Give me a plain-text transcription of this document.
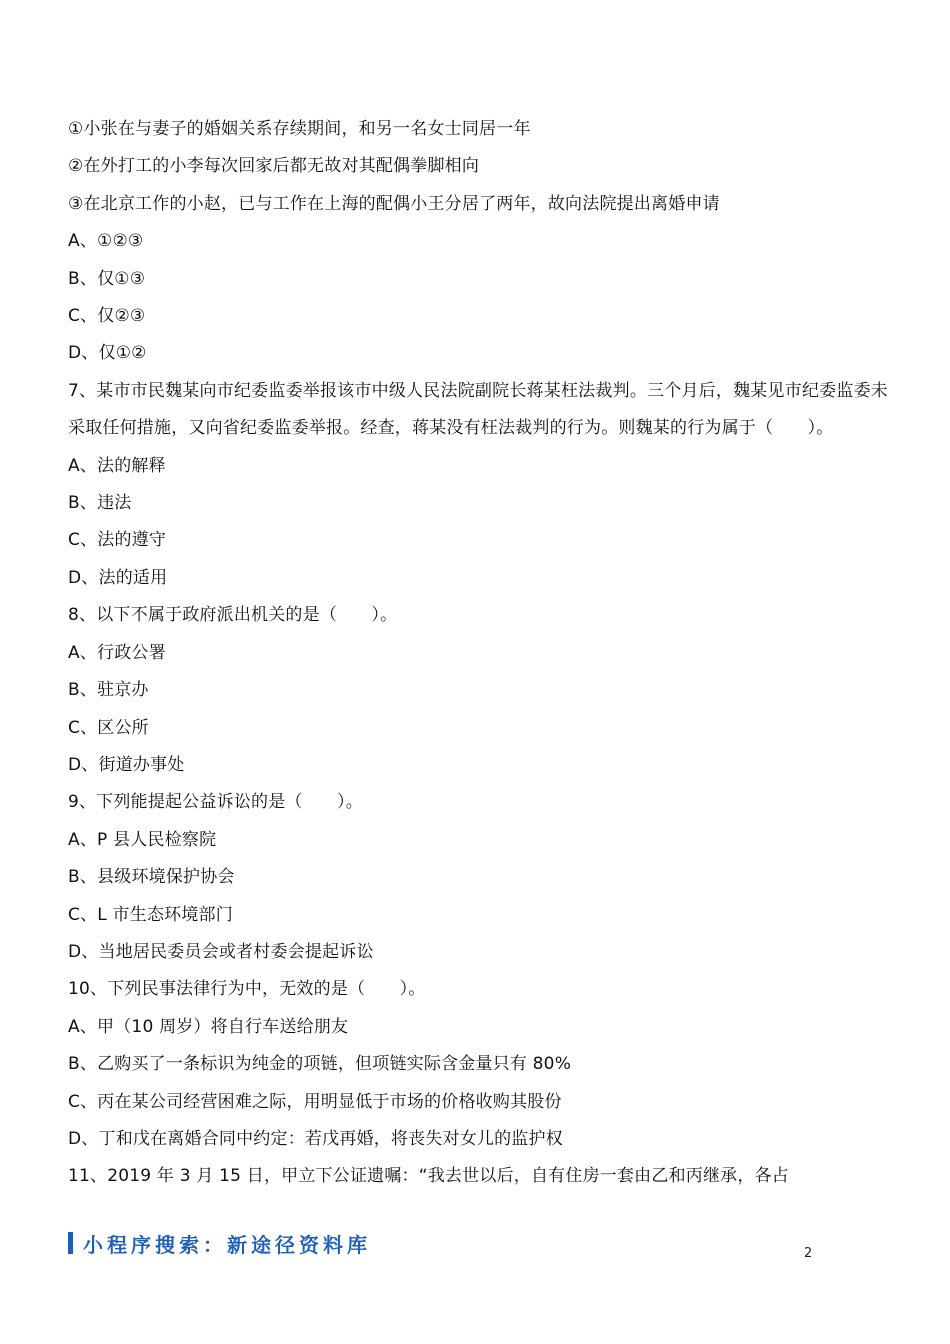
①小张在与妻子的婚姻关系存续期间，和另一名女士同居一年
②在外打工的小李每次回家后都无故对其配偶拳脚相向
③在北京工作的小赵，已与工作在上海的配偶小王分居了两年，故向法院提出离婚申请
A、①②③
B、仅①③
C、仅②③
D、仅①②
7、某市市民魏某向市纪委监委举报该市中级人民法院副院长蒋某枉法裁判。三个月后，魏某见市纪委监委未采取任何措施，又向省纪委监委举报。经查，蒋某没有枉法裁判的行为。则魏某的行为属于（　　）。
A、法的解释
B、违法
C、法的遵守
D、法的适用
8、以下不属于政府派出机关的是（　　）。
A、行政公署
B、驻京办
C、区公所
D、街道办事处
9、下列能提起公益诉讼的是（　　）。
A、P 县人民检察院
B、县级环境保护协会
C、L 市生态环境部门
D、当地居民委员会或者村委会提起诉讼
10、下列民事法律行为中，无效的是（　　）。
A、甲（10 周岁）将自行车送给朋友
B、乙购买了一条标识为纯金的项链，但项链实际含金量只有 80%
C、丙在某公司经营困难之际，用明显低于市场的价格收购其股份
D、丁和戊在离婚合同中约定：若戊再婚，将丧失对女儿的监护权
11、2019 年 3 月 15 日，甲立下公证遗嘱：“我去世以后，自有住房一套由乙和丙继承，各占
小程序搜索：新途径资料库	2
